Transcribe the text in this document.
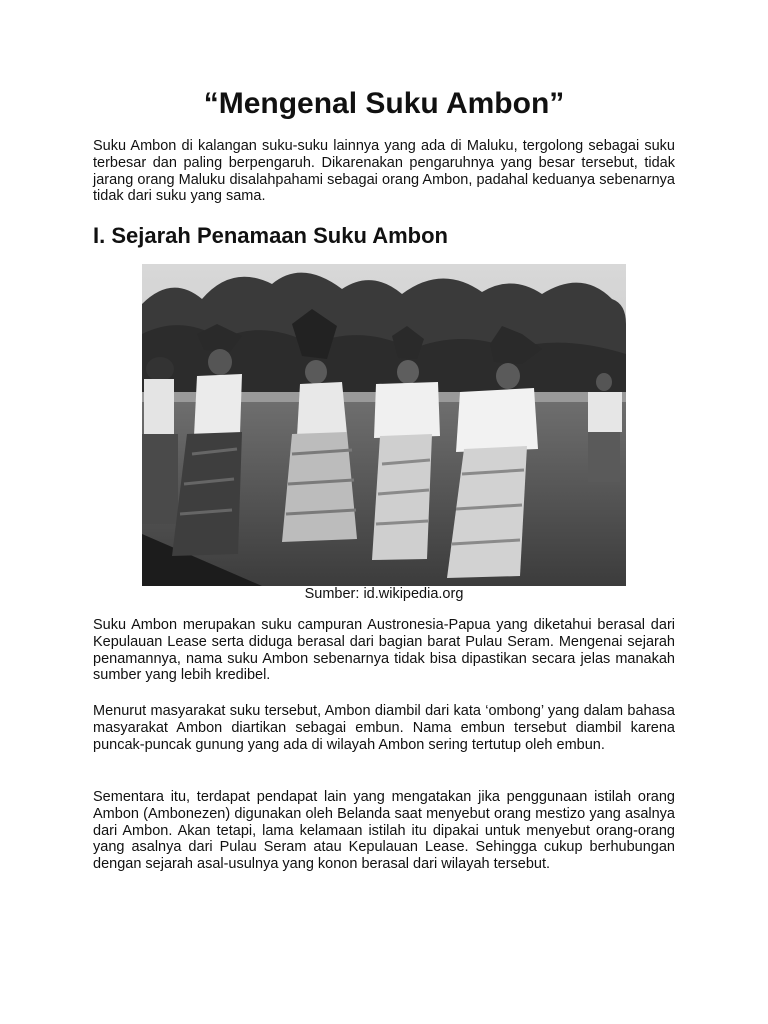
“Mengenal Suku Ambon”

Suku Ambon di kalangan suku-suku lainnya yang ada di Maluku, tergolong sebagai suku terbesar dan paling berpengaruh. Dikarenakan pengaruhnya yang besar tersebut, tidak jarang orang Maluku disalahpahami sebagai orang Ambon, padahal keduanya sebenarnya tidak dari suku yang sama.

I. Sejarah Penamaan Suku Ambon

Sumber: id.wikipedia.org

Suku Ambon merupakan suku campuran Austronesia-Papua yang diketahui berasal dari Kepulauan Lease serta diduga berasal dari bagian barat Pulau Seram. Mengenai sejarah penamannya, nama suku Ambon sebenarnya tidak bisa dipastikan secara jelas manakah sumber yang lebih kredibel.

Menurut masyarakat suku tersebut, Ambon diambil dari kata ‘ombong’ yang dalam bahasa masyarakat Ambon diartikan sebagai embun. Nama embun tersebut diambil karena puncak-puncak gunung yang ada di wilayah Ambon sering tertutup oleh embun.

Sementara itu, terdapat pendapat lain yang mengatakan jika penggunaan istilah orang Ambon (Ambonezen) digunakan oleh Belanda saat menyebut orang mestizo yang asalnya dari Ambon. Akan tetapi, lama kelamaan istilah itu dipakai untuk menyebut orang-orang yang asalnya dari Pulau Seram atau Kepulauan Lease. Sehingga cukup berhubungan dengan sejarah asal-usulnya yang konon berasal dari wilayah tersebut.
